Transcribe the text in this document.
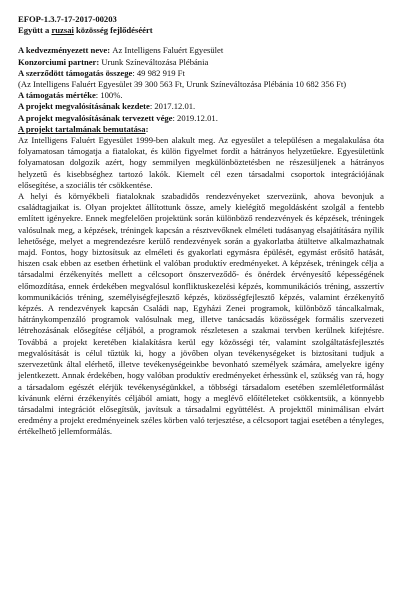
EFOP-1.3.7-17-2017-00203
Együtt a ruzsai közösség fejlődéséért
A kedvezményezett neve: Az Intelligens Faluért Egyesület
Konzorciumi partner: Urunk Színeváltozása Plébánia
A szerződött támogatás összege: 49 982 919 Ft
(Az Intelligens Faluért Egyesület 39 300 563 Ft, Urunk Színeváltozása Plébánia 10 682 356 Ft)
A támogatás mértéke: 100%.
A projekt megvalósításának kezdete: 2017.12.01.
A projekt megvalósításának tervezett vége: 2019.12.01.
A projekt tartalmának bemutatása:

Az Intelligens Faluért Egyesület 1999-ben alakult meg. Az egyesület a településen a megalakulása óta folyamatosan támogatja a fiatalokat, és külön figyelmet fordít a hátrányos helyzetűekre. Egyesületünk folyamatosan dolgozik azért, hogy semmilyen megkülönböztetésben ne részesüljenek a hátrányos helyzetű és kisebbséghez tartozó lakók. Kiemelt cél ezen társadalmi csoportok integrációjának elősegítése, a szociális tér csökkentése.

A helyi és környékbeli fiataloknak szabadidős rendezvényeket szervezünk, ahova bevonjuk a családtagjaikat is. Olyan projektet állítottunk össze, amely kielégítő megoldásként szolgál a fentebb említett igényekre. Ennek megfelelően projektünk során különböző rendezvények és képzések, tréningek valósulnak meg, a képzések, tréningek kapcsán a résztvevőknek elméleti tudásanyag elsajátítására nyílik lehetősége, melyet a megrendezésre kerülő rendezvények során a gyakorlatba átültetve alkalmazhatnak majd. Fontos, hogy biztosítsuk az elméleti és gyakorlati egymásra épülését, egymást erősítő hatását, hiszen csak ebben az esetben érhetünk el valóban produktív eredményeket. A képzések, tréningek célja a társadalmi érzékenyítés mellett a célcsoport önszerveződő- és önérdek érvényesítő képességének előmozdítása, ennek érdekében megvalósul konfliktuskezelési képzés, kommunikációs tréning, asszertív kommunikációs tréning, személyiségfejlesztő képzés, közösségfejlesztő képzés, valamint érzékenyítő képzés. A rendezvények kapcsán Családi nap, Egyházi Zenei programok, különböző táncalkalmak, hátránykompenzáló programok valósulnak meg, illetve tanácsadás közösségek formális szervezeti létrehozásának elősegítése céljából, a programok részletesen a szakmai tervben kerülnek kifejtésre. Továbbá a projekt keretében kialakításra kerül egy közösségi tér, valamint szolgáltatásfejlesztés megvalósítását is célul tűztük ki, hogy a jövőben olyan tevékenységeket is biztosítani tudjuk a szervezetünk által elérhető, illetve tevékenységeinkbe bevonható személyek számára, amelyekre igény jelentkezett. Annak érdekében, hogy valóban produktív eredményeket érhessünk el, szükség van rá, hogy a társadalom egészét elérjük tevékenységünkkel, a többségi társadalom esetében szemléletformálást kívánunk elérni érzékenyítés céljából amiatt, hogy a meglévő előítéleteket csökkentsük, a könnyebb társadalmi integrációt elősegítsük, javítsuk a társadalmi együttélést. A projekttől minimálisan elvárt eredmény a projekt eredményeinek széles körben való terjesztése, a célcsoport tagjai esetében a tényleges, értékelhető jellemformálás.
